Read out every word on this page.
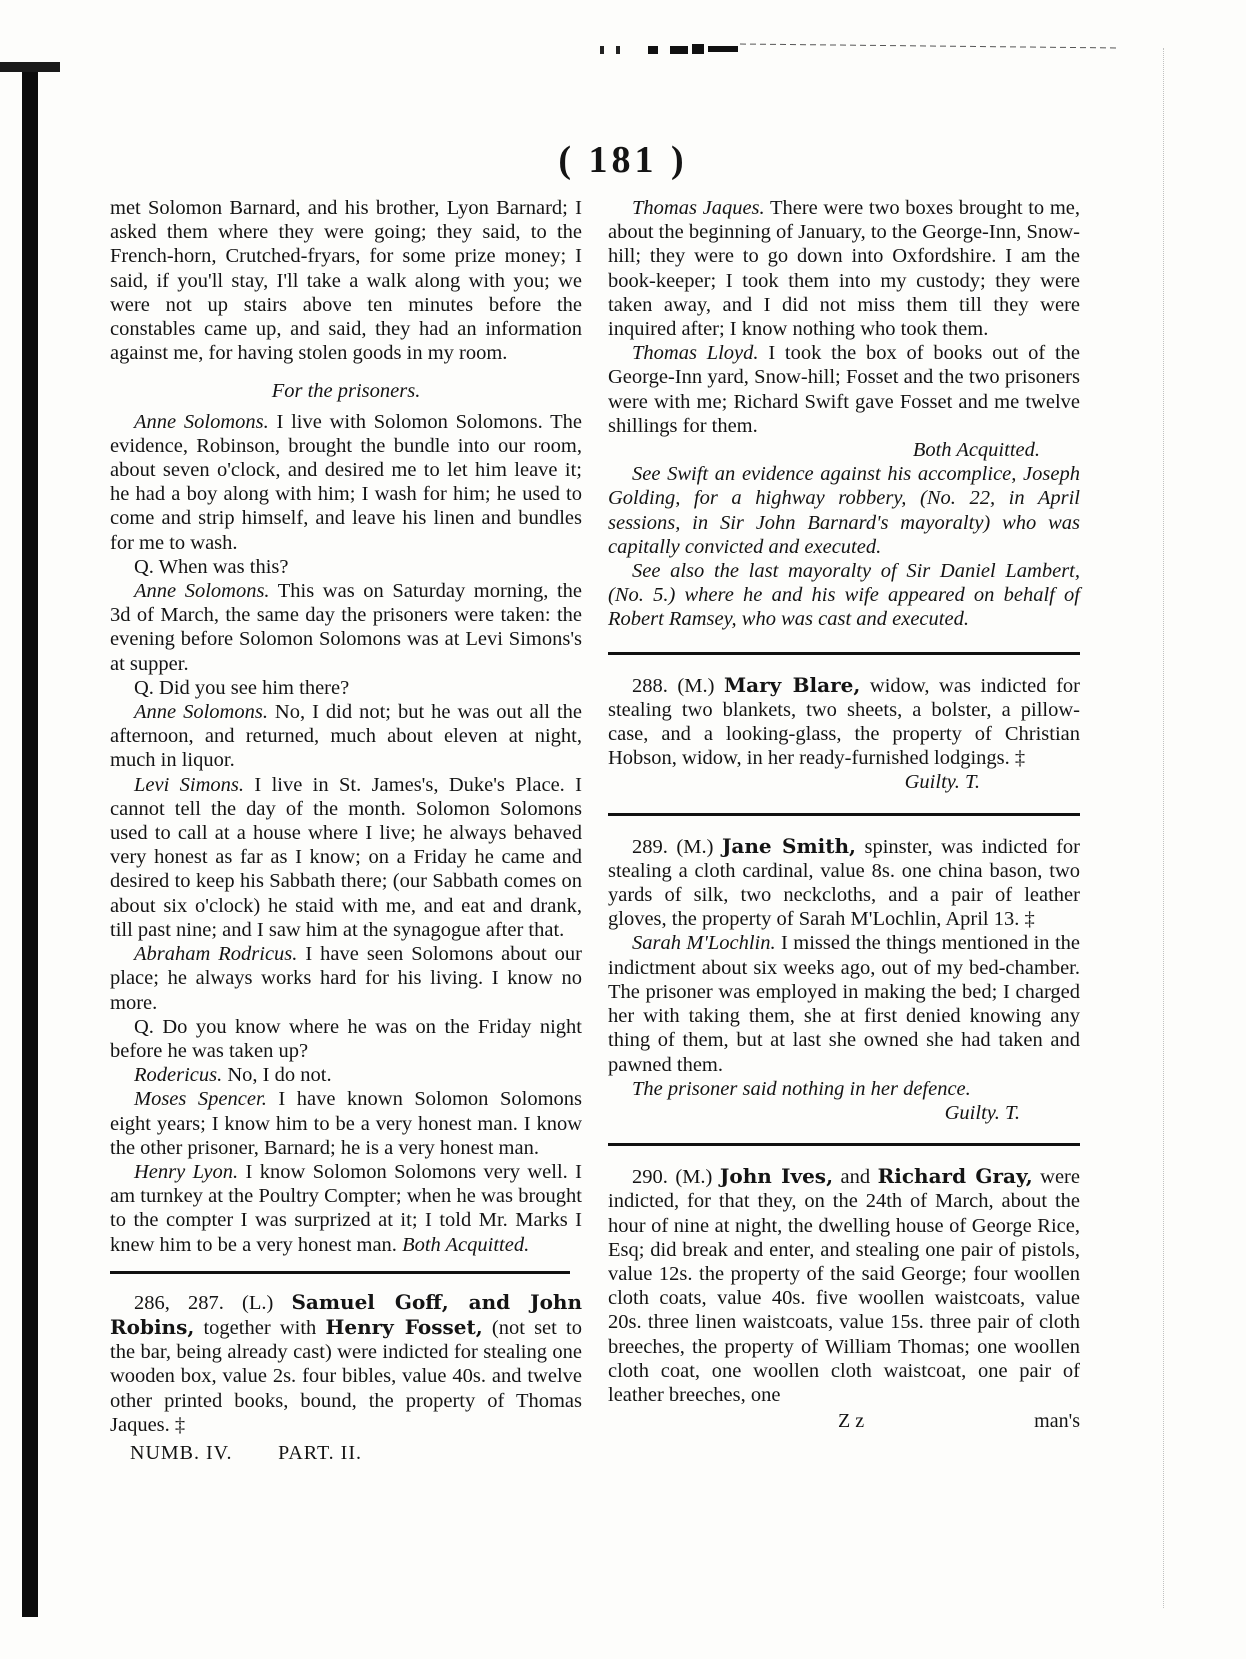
( 181 )

met Solomon Barnard, and his brother, Lyon Barnard; I asked them where they were going; they said, to the French-horn, Crutched-fryars, for some prize money; I said, if you'll stay, I'll take a walk along with you; we were not up stairs above ten minutes before the constables came up, and said, they had an information against me, for having stolen goods in my room.

For the prisoners.

Anne Solomons. I live with Solomon Solomons. The evidence, Robinson, brought the bundle into our room, about seven o'clock, and desired me to let him leave it; he had a boy along with him; I wash for him; he used to come and strip himself, and leave his linen and bundles for me to wash.

Q. When was this?

Anne Solomons. This was on Saturday morning, the 3d of March, the same day the prisoners were taken: the evening before Solomon Solomons was at Levi Simons's at supper.

Q. Did you see him there?

Anne Solomons. No, I did not; but he was out all the afternoon, and returned, much about eleven at night, much in liquor.

Levi Simons. I live in St. James's, Duke's Place. I cannot tell the day of the month. Solomon Solomons used to call at a house where I live; he always behaved very honest as far as I know; on a Friday he came and desired to keep his Sabbath there; (our Sabbath comes on about six o'clock) he staid with me, and eat and drank, till past nine; and I saw him at the synagogue after that.

Abraham Rodricus. I have seen Solomons about our place; he always works hard for his living. I know no more.

Q. Do you know where he was on the Friday night before he was taken up?

Rodericus. No, I do not.

Moses Spencer. I have known Solomon Solomons eight years; I know him to be a very honest man. I know the other prisoner, Barnard; he is a very honest man.

Henry Lyon. I know Solomon Solomons very well. I am turnkey at the Poultry Compter; when he was brought to the compter I was surprized at it; I told Mr. Marks I knew him to be a very honest man. Both Acquitted.

286, 287. (L.) Samuel Goff, and John Robins, together with Henry Fosset, (not set to the bar, being already cast) were indicted for stealing one wooden box, value 2s. four bibles, value 40s. and twelve other printed books, bound, the property of Thomas Jaques. ‡

NUMB. IV. PART. II.

Thomas Jaques. There were two boxes brought to me, about the beginning of January, to the George-Inn, Snow-hill; they were to go down into Oxfordshire. I am the book-keeper; I took them into my custody; they were taken away, and I did not miss them till they were inquired after; I know nothing who took them.

Thomas Lloyd. I took the box of books out of the George-Inn yard, Snow-hill; Fosset and the two prisoners were with me; Richard Swift gave Fosset and me twelve shillings for them.

Both Acquitted.

See Swift an evidence against his accomplice, Joseph Golding, for a highway robbery, (No. 22, in April sessions, in Sir John Barnard's mayoralty) who was capitally convicted and executed.

See also the last mayoralty of Sir Daniel Lambert, (No. 5.) where he and his wife appeared on behalf of Robert Ramsey, who was cast and executed.

288. (M.) Mary Blare, widow, was indicted for stealing two blankets, two sheets, a bolster, a pillow-case, and a looking-glass, the property of Christian Hobson, widow, in her ready-furnished lodgings. ‡

Guilty. T.

289. (M.) Jane Smith, spinster, was indicted for stealing a cloth cardinal, value 8s. one china bason, two yards of silk, two neckcloths, and a pair of leather gloves, the property of Sarah M'Lochlin, April 13. ‡

Sarah M'Lochlin. I missed the things mentioned in the indictment about six weeks ago, out of my bed-chamber. The prisoner was employed in making the bed; I charged her with taking them, she at first denied knowing any thing of them, but at last she owned she had taken and pawned them.

The prisoner said nothing in her defence.

Guilty. T.

290. (M.) John Ives, and Richard Gray, were indicted, for that they, on the 24th of March, about the hour of nine at night, the dwelling house of George Rice, Esq; did break and enter, and stealing one pair of pistols, value 12s. the property of the said George; four woollen cloth coats, value 40s. five woollen waistcoats, value 20s. three linen waistcoats, value 15s. three pair of cloth breeches, the property of William Thomas; one woollen cloth coat, one woollen cloth waistcoat, one pair of leather breeches, one

Z z	man's
